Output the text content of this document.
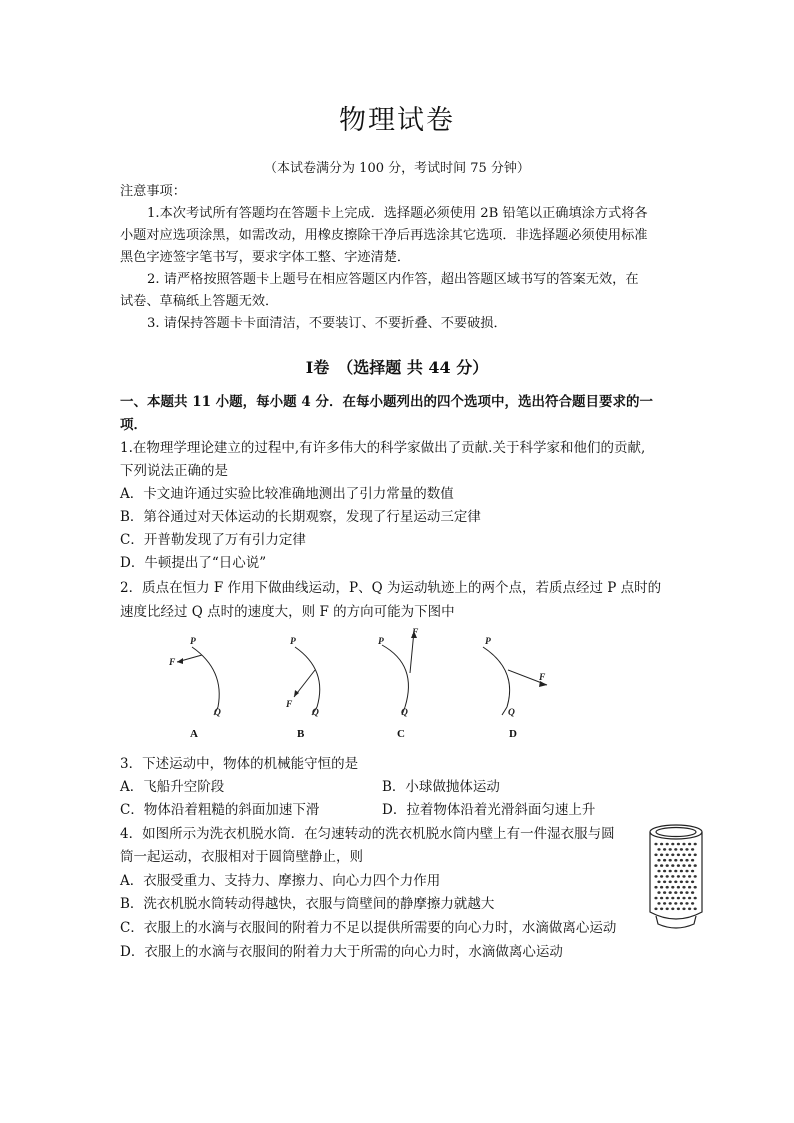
物理试卷
（本试卷满分为 100 分，考试时间 75 分钟）
注意事项：
1.本次考试所有答题均在答题卡上完成．选择题必须使用 2B 铅笔以正确填涂方式将各
小题对应选项涂黑，如需改动，用橡皮擦除干净后再选涂其它选项．非选择题必须使用标准
黑色字迹签字笔书写，要求字体工整、字迹清楚．
2. 请严格按照答题卡上题号在相应答题区内作答，超出答题区域书写的答案无效，在
试卷、草稿纸上答题无效．
3. 请保持答题卡卡面清洁，不要装订、不要折叠、不要破损．
Ⅰ卷　（选择题 共 44 分）
一、本题共 11 小题，每小题 4 分．在每小题列出的四个选项中，选出符合题目要求的一
项．
1.在物理学理论建立的过程中,有许多伟大的科学家做出了贡献.关于科学家和他们的贡献,
下列说法正确的是
A．卡文迪许通过实验比较准确地测出了引力常量的数值
B．第谷通过对天体运动的长期观察，发现了行星运动三定律
C．开普勒发现了万有引力定律
D．牛顿提出了“日心说”
2．质点在恒力 F 作用下做曲线运动，P、Q 为运动轨迹上的两个点，若质点经过 P 点时的
速度比经过 Q 点时的速度大，则 F 的方向可能为下图中
P
F
Q
P
F
Q
P
F
Q
P
F
Q
A	B	C	D
3．下述运动中，物体的机械能守恒的是
A．飞船升空阶段	B．小球做抛体运动
C．物体沿着粗糙的斜面加速下滑	D．拉着物体沿着光滑斜面匀速上升
4．如图所示为洗衣机脱水筒．在匀速转动的洗衣机脱水筒内壁上有一件湿衣服与圆
筒一起运动，衣服相对于圆筒壁静止，则
A．衣服受重力、支持力、摩擦力、向心力四个力作用
B．洗衣机脱水筒转动得越快，衣服与筒壁间的静摩擦力就越大
C．衣服上的水滴与衣服间的附着力不足以提供所需要的向心力时，水滴做离心运动
D．衣服上的水滴与衣服间的附着力大于所需的向心力时，水滴做离心运动
